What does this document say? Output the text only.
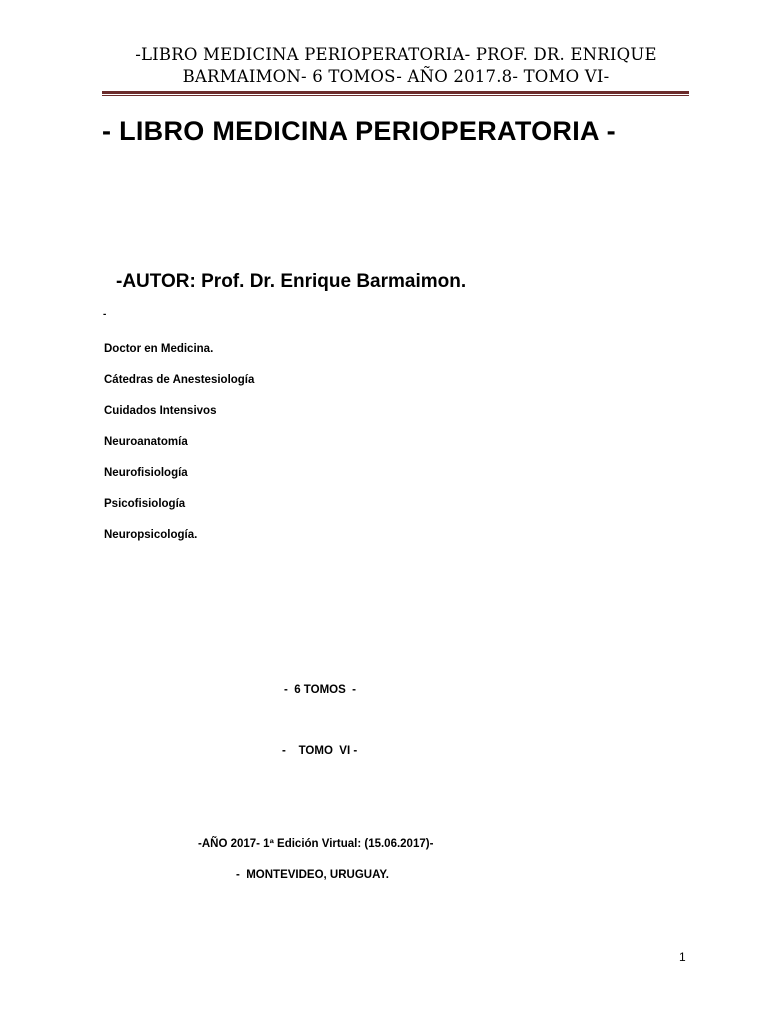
-LIBRO MEDICINA PERIOPERATORIA- PROF. DR. ENRIQUE
BARMAIMON- 6 TOMOS- AÑO 2017.8- TOMO VI-
- LIBRO MEDICINA PERIOPERATORIA -
-AUTOR: Prof. Dr. Enrique Barmaimon.
-
Doctor en Medicina.
Cátedras de Anestesiología
Cuidados Intensivos
Neuroanatomía
Neurofisiología
Psicofisiología
Neuropsicología.
-  6 TOMOS  -
-    TOMO  VI -
-AÑO 2017- 1ª Edición Virtual: (15.06.2017)-
-  MONTEVIDEO, URUGUAY.
1
